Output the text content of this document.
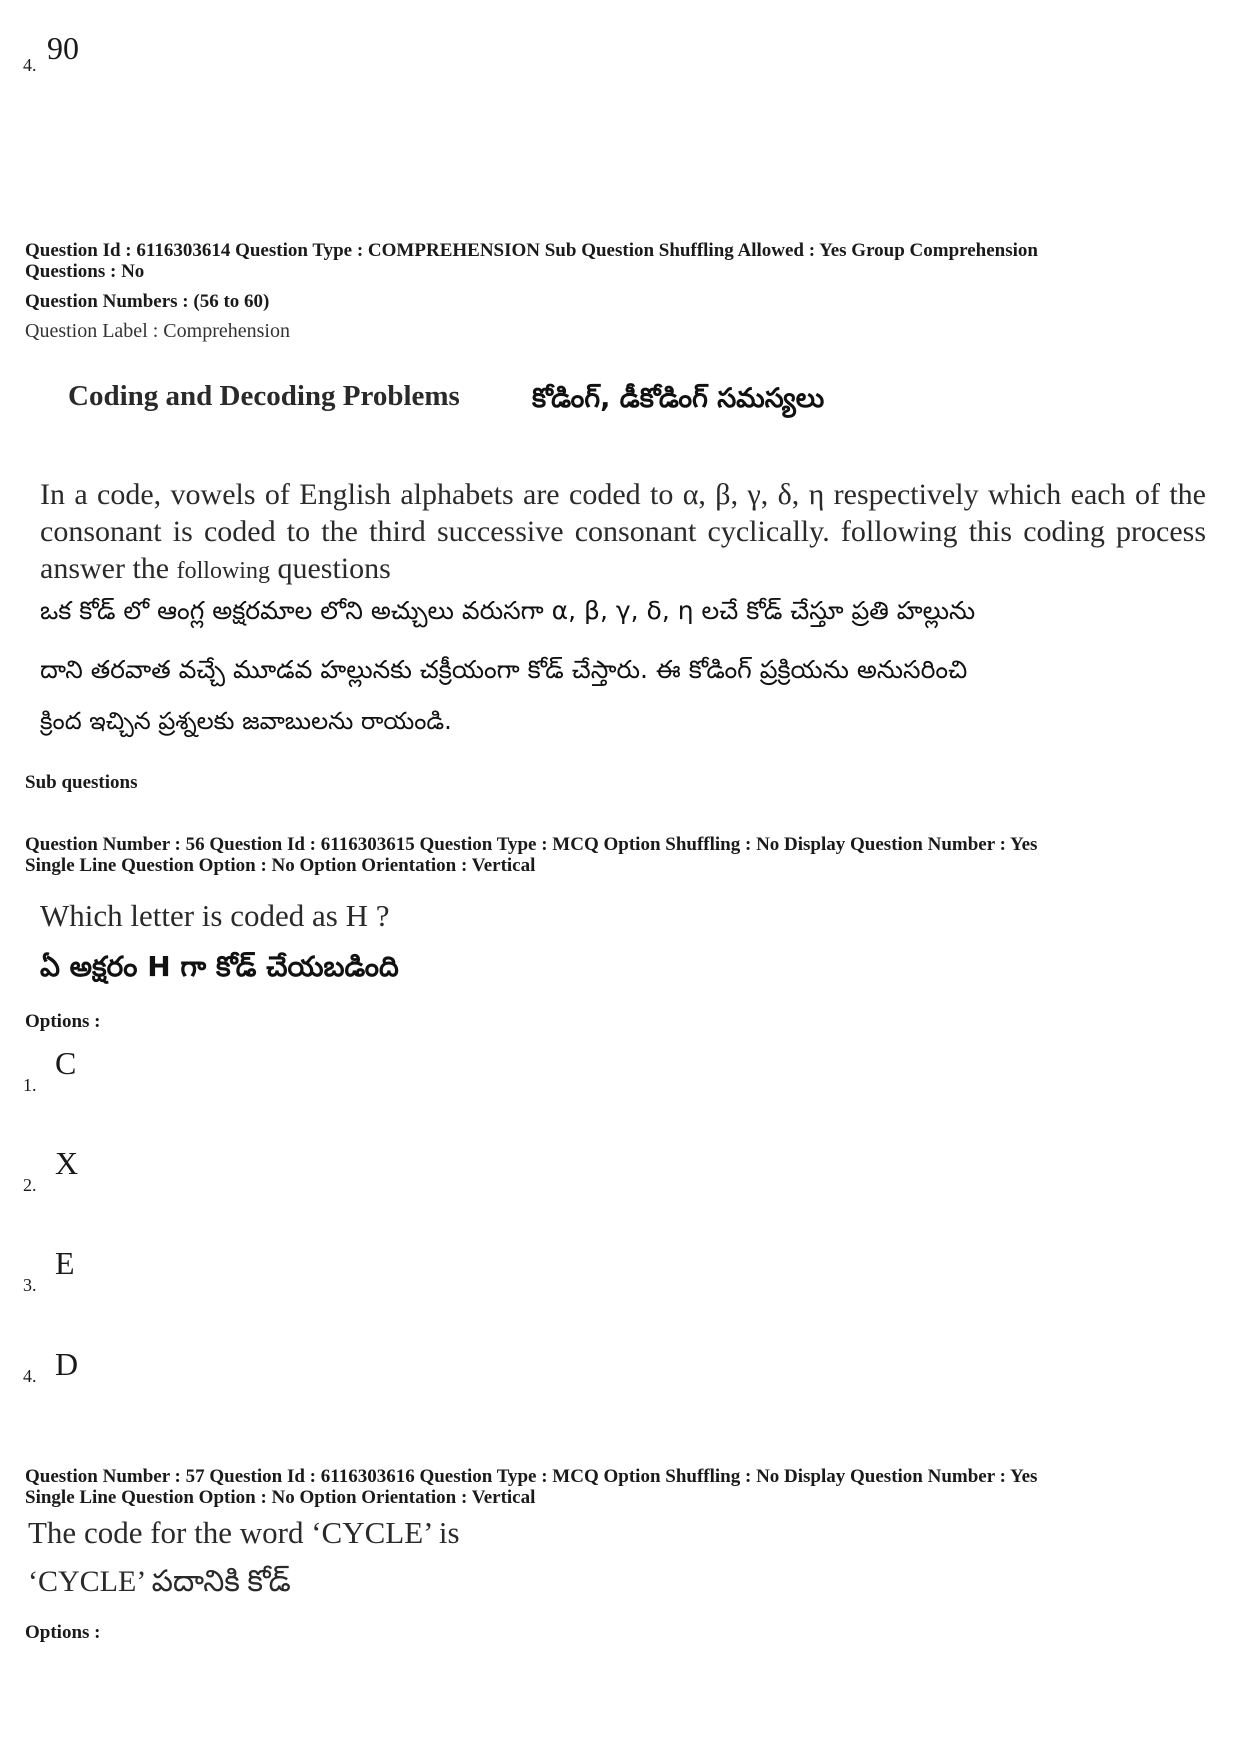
4. 90
Question Id : 6116303614 Question Type : COMPREHENSION Sub Question Shuffling Allowed : Yes Group Comprehension
Questions : No
Question Numbers : (56 to 60)
Question Label : Comprehension
Coding and Decoding Problems	కోడింగ్, డీకోడింగ్ సమస్యలు
In a code, vowels of English alphabets are coded to α, β, γ, δ, η respectively which each of the consonant is coded to the third successive consonant cyclically. following this coding process answer the following questions
ఒక కోడ్ లో ఆంగ్ల అక్షరమాల లోని అచ్చులు వరుసగా α, β, γ, δ, η లచే కోడ్ చేస్తూ ప్రతి హల్లును
దాని తరవాత వచ్చే మూడవ హల్లునకు చక్రీయంగా కోడ్ చేస్తారు. ఈ కోడింగ్ ప్రక్రియను అనుసరించి
క్రింద ఇచ్చిన ప్రశ్నలకు జవాబులను రాయండి.
Sub questions
Question Number : 56 Question Id : 6116303615 Question Type : MCQ Option Shuffling : No Display Question Number : Yes
Single Line Question Option : No Option Orientation : Vertical
Which letter is coded as H ?
ఏ అక్షరం H గా కోడ్ చేయబడింది
Options :
1.
C
2.
X
3.
E
4. D
Question Number : 57 Question Id : 6116303616 Question Type : MCQ Option Shuffling : No Display Question Number : Yes
Single Line Question Option : No Option Orientation : Vertical
The code for the word ‘CYCLE’ is
‘CYCLE’ పదానికి కోడ్
Options :
